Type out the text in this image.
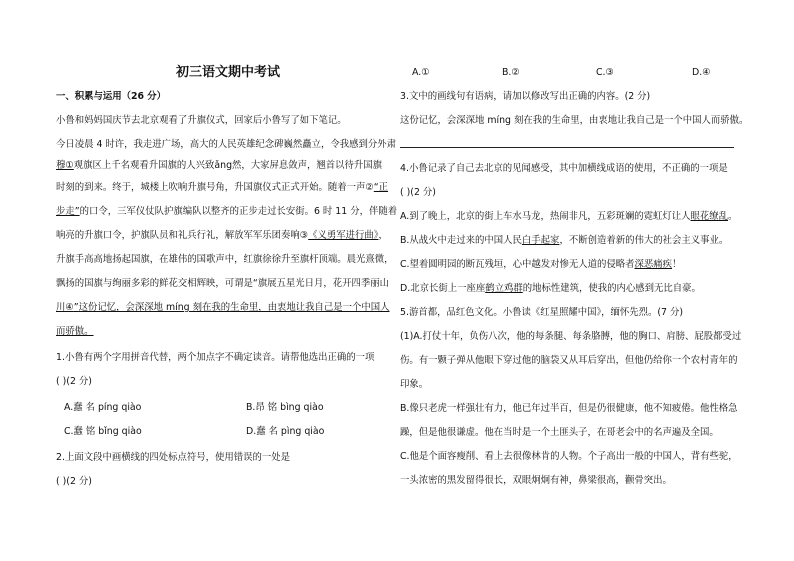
初三语文期中考试
一、积累与运用（26 分）
小鲁和妈妈国庆节去北京观看了升旗仪式，回家后小鲁写了如下笔记。
今日凌晨 4 时许，我走进广场，高大的人民英雄纪念碑巍然矗立，令我感到分外肃
穆①观旗区上千名观看升国旗的人兴致ǎng然，大家屏息敛声，翘首以待升国旗
时刻的到来。终于，城楼上吹响升旗号角，升国旗仪式正式开始。随着一声②“正
步走”的口令，三军仪仗队护旗编队以整齐的正步走过长安街。6 时 11 分，伴随着
响亮的升旗口令，护旗队员和礼兵行礼，解放军军乐团奏响③《义勇军进行曲》，
升旗手高高地扬起国旗，在雄伟的国歌声中，红旗徐徐升至旗杆顶端。晨光熹微，
飘扬的国旗与绚丽多彩的鲜花交相辉映，可谓是“旗展五星光日月，花开四季丽山
川④”这份记忆，会深深地 míng 刻在我的生命里，由衷地让我自己是一个中国人
而骄傲。
1.小鲁有两个字用拼音代替，两个加点字不确定读音。请帮他选出正确的一项
( )(2 分)
A.蠢 名 píng qiào	B.昂 铭 bìng qiào
C.蠢 铭 bǐng qiào	D.蠢 名 pìng qiào
2.上面文段中画横线的四处标点符号，使用错误的一处是
( )(2 分)
A.①	B.②	C.③	D.④
3.文中的画线句有语病，请加以修改写出正确的内容。(2 分)
这份记忆，会深深地 míng 刻在我的生命里，由衷地让我自己是一个中国人而骄傲。
4.小鲁记录了自己去北京的见闻感受，其中加横线成语的使用，不正确的一项是
( )(2 分)
A.到了晚上，北京的街上车水马龙，热闹非凡，五彩斑斓的霓虹灯让人眼花缭乱。
B.从战火中走过来的中国人民白手起家，不断创造着新的伟大的社会主义事业。
C.望着圆明园的断瓦残垣，心中越发对惨无人道的侵略者深恶痛疾！
D.北京长街上一座座鹤立鸡群的地标性建筑，使我的内心感到无比自豪。
5.游首都，品红色文化。小鲁读《红星照耀中国》，缅怀先烈。(7 分)
(1)A.打仗十年，负伤八次，他的每条腿、每条胳膊，他的胸口、肩膀、屁股都受过
伤。有一颗子弹从他眼下穿过他的脑袋又从耳后穿出，但他仍给你一个农村青年的
印象。
B.像只老虎一样强壮有力，他已年过半百，但是仍很健康，他不知疲倦。他性格急
躁，但是他很谦虚。他在当时是一个土匪头子，在哥老会中的名声遍及全国。
C.他是个面容瘦削、看上去很像林肯的人物。个子高出一般的中国人，背有些驼，
一头浓密的黑发留得很长，双眼炯炯有神，鼻梁很高，颧骨突出。
